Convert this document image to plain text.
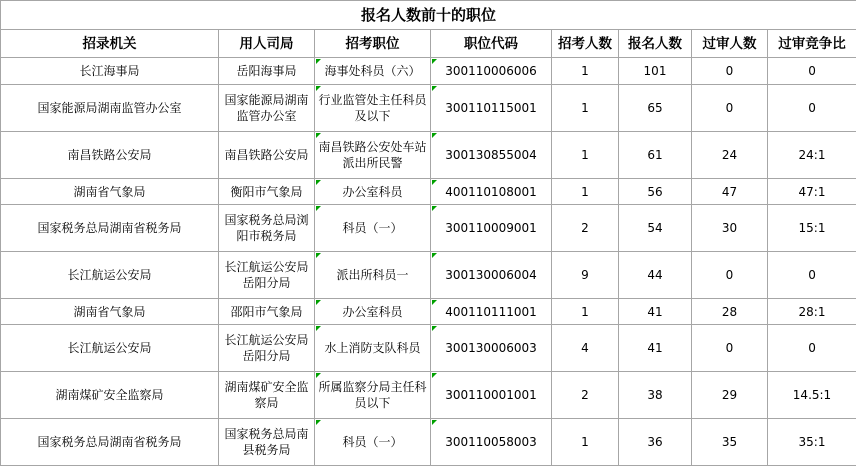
报名人数前十的职位							
招录机关	用人司局	招考职位	职位代码	招考人数	报名人数	过审人数	过审竞争比
长江海事局	岳阳海事局	海事处科员（六）	300110006006	1	101	0	0
国家能源局湖南监管办公室	国家能源局湖南监管办公室	行业监管处主任科员及以下	300110115001	1	65	0	0
南昌铁路公安局	南昌铁路公安局	南昌铁路公安处车站派出所民警	300130855004	1	61	24	24:1
湖南省气象局	衡阳市气象局	办公室科员	400110108001	1	56	47	47:1
国家税务总局湖南省税务局	国家税务总局浏阳市税务局	科员（一）	300110009001	2	54	30	15:1
长江航运公安局	长江航运公安局岳阳分局	派出所科员一	300130006004	9	44	0	0
湖南省气象局	邵阳市气象局	办公室科员	400110111001	1	41	28	28:1
长江航运公安局	长江航运公安局岳阳分局	水上消防支队科员	300130006003	4	41	0	0
湖南煤矿安全监察局	湖南煤矿安全监察局	所属监察分局主任科员以下	300110001001	2	38	29	14.5:1
国家税务总局湖南省税务局	国家税务总局南县税务局	科员（一）	300110058003	1	36	35	35:1
